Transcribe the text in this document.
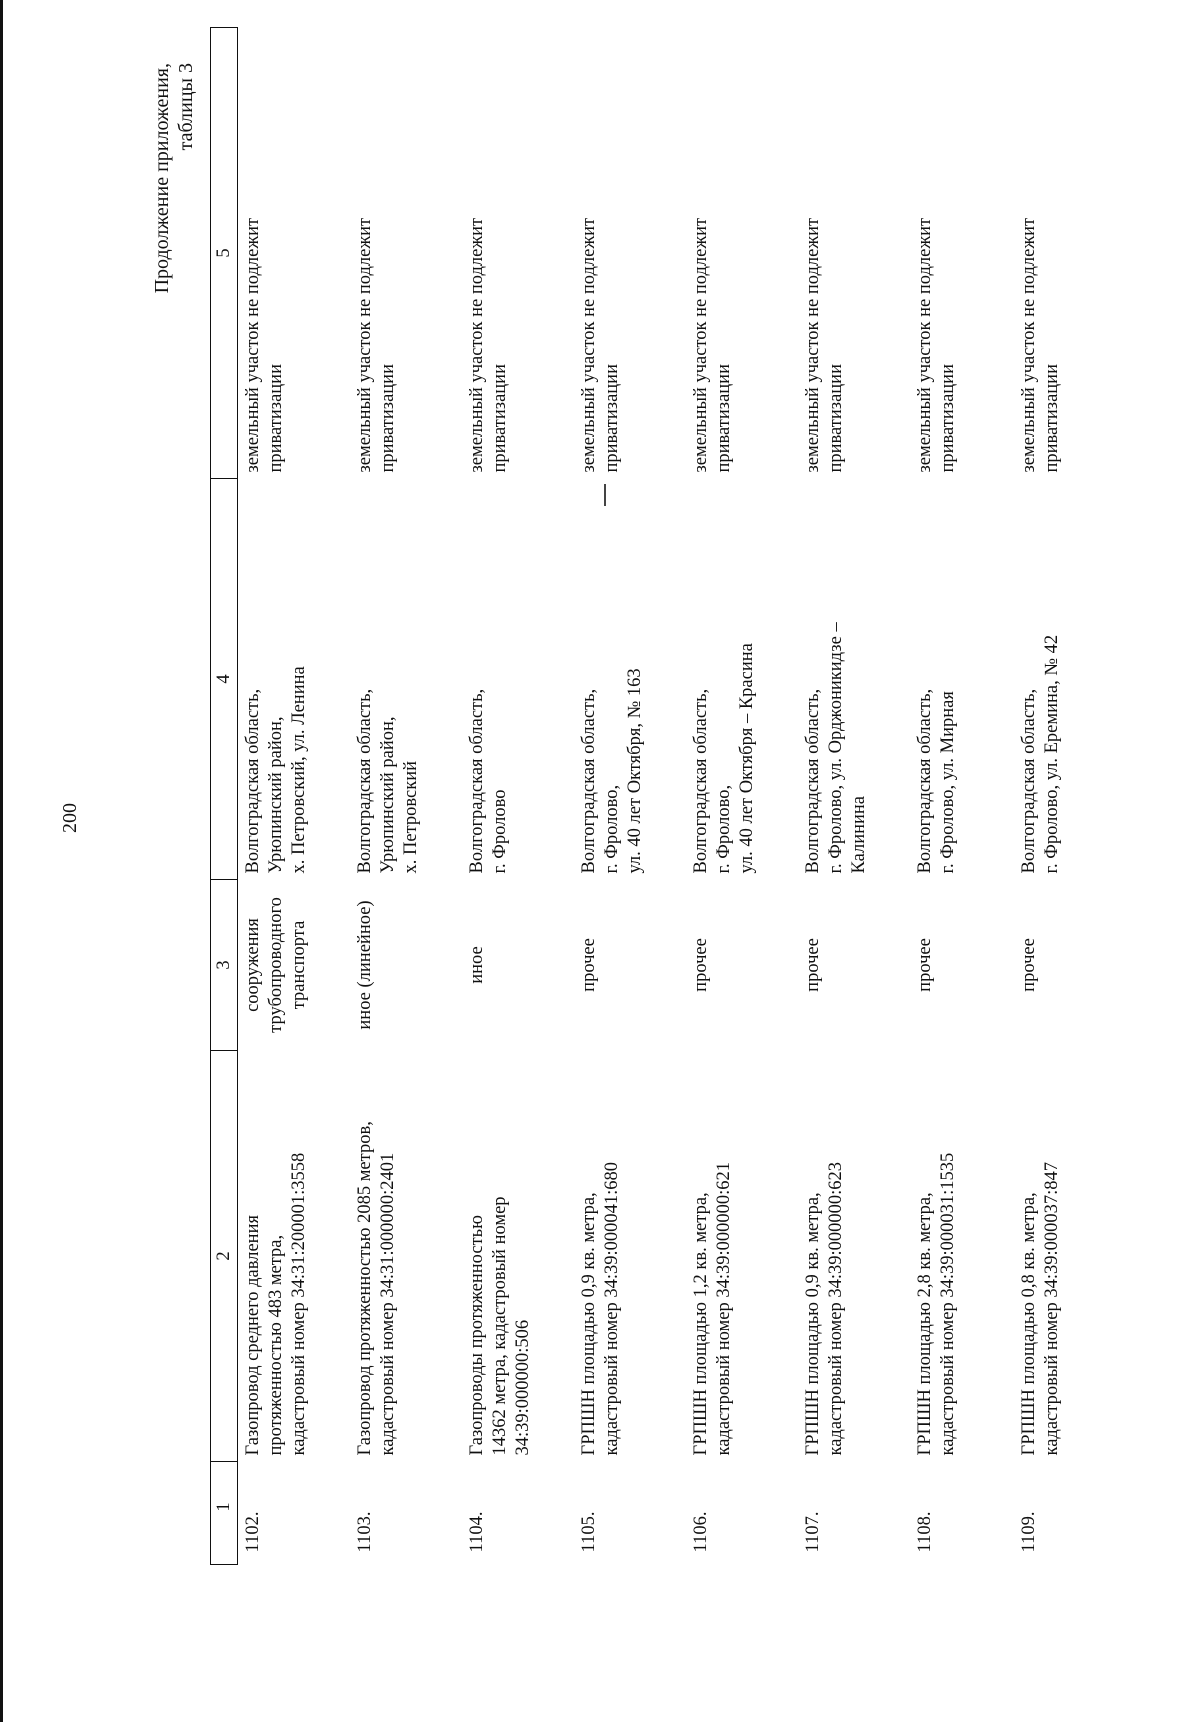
200
Продолжение приложения,
таблицы 3
1	2	3	4	5
1102.	Газопровод среднего давления
протяженностью 483 метра,
кадастровый номер 34:31:200001:3558	сооружения
трубопроводного
транспорта	Волгоградская область,
Урюпинский район,
х. Петровский, ул. Ленина	земельный участок не подлежит
приватизации
1103.	Газопровод протяженностью 2085 метров,
кадастровый номер 34:31:000000:2401	иное (линейное)	Волгоградская область,
Урюпинский район,
х. Петровский	земельный участок не подлежит
приватизации
1104.	Газопроводы протяженностью
14362 метра, кадастровый номер
34:39:000000:506	иное	Волгоградская область,
г. Фролово	земельный участок не подлежит
приватизации
1105.	ГРПШН площадью 0,9 кв. метра,
кадастровый номер 34:39:000041:680	прочее	Волгоградская область,
г. Фролово,
ул. 40 лет Октября, № 163	земельный участок не подлежит
приватизации
1106.	ГРПШН площадью 1,2 кв. метра,
кадастровый номер 34:39:000000:621	прочее	Волгоградская область,
г. Фролово,
ул. 40 лет Октября – Красина	земельный участок не подлежит
приватизации
1107.	ГРПШН площадью 0,9 кв. метра,
кадастровый номер 34:39:000000:623	прочее	Волгоградская область,
г. Фролово, ул. Орджоникидзе –
Калинина	земельный участок не подлежит
приватизации
1108.	ГРПШН площадью 2,8 кв. метра,
кадастровый номер 34:39:000031:1535	прочее	Волгоградская область,
г. Фролово, ул. Мирная	земельный участок не подлежит
приватизации
1109.	ГРПШН площадью 0,8 кв. метра,
кадастровый номер 34:39:000037:847	прочее	Волгоградская область,
г. Фролово, ул. Еремина, № 42	земельный участок не подлежит
приватизации
